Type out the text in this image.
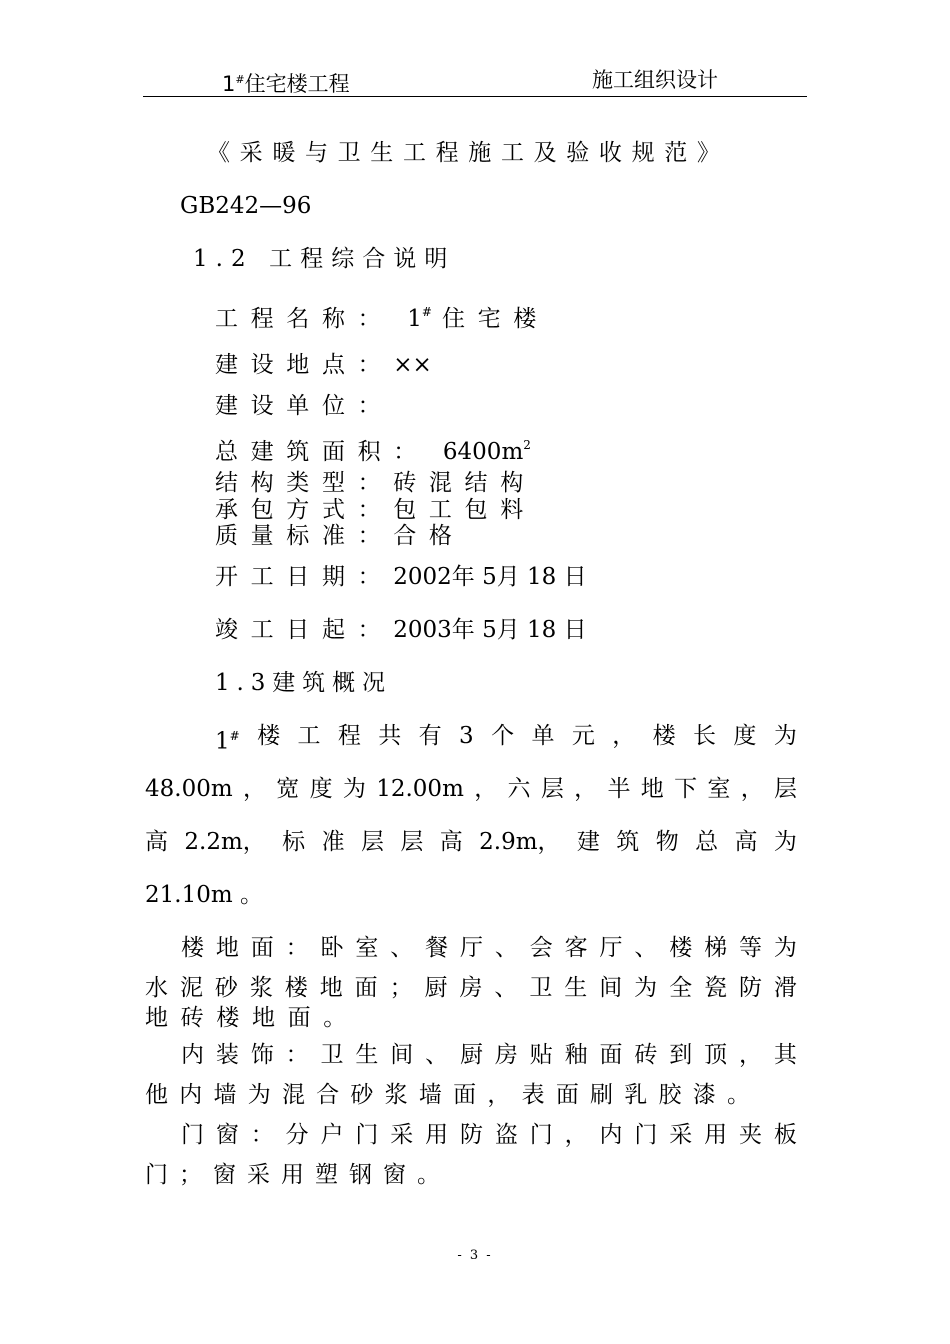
1#住宅楼工程	施工组织设计
《采暖与卫生工程施工及验收规范》
GB242—96
1.2 工程综合说明
工程名称： 1# 住宅楼
建设地点：××
建设单位：
总建筑面积： $6400m^2$
结构类型：砖混结构
承包方式：包工包料
质量标准：合格
开工日期：2002年 5月 18 日
竣工日起：2003年 5月 18 日
1.3建筑概况
1# 楼 工 程 共 有 3 个 单 元 ， 楼 长 度 为
48.00m ， 宽 度 为 12.00m ， 六 层 ， 半 地 下 室 ， 层
高 2.2m， 标 准 层 层 高 2.9m， 建 筑 物 总 高 为
21.10m 。
楼 地 面 ： 卧 室 、 餐 厅 、 会 客 厅 、 楼 梯 等 为
水 泥 砂 浆 楼 地 面 ； 厨 房 、 卫 生 间 为 全 瓷 防 滑
地砖楼地面。
内 装 饰 ： 卫 生 间 、 厨 房 贴 釉 面 砖 到 顶 ， 其
他 内 墙 为 混 合 砂 浆 墙 面 ， 表 面 刷 乳 胶 漆 。
门 窗 ： 分 户 门 采 用 防 盗 门 ， 内 门 采 用 夹 板
门 ； 窗 采 用 塑 钢 窗 。
- 3 -
